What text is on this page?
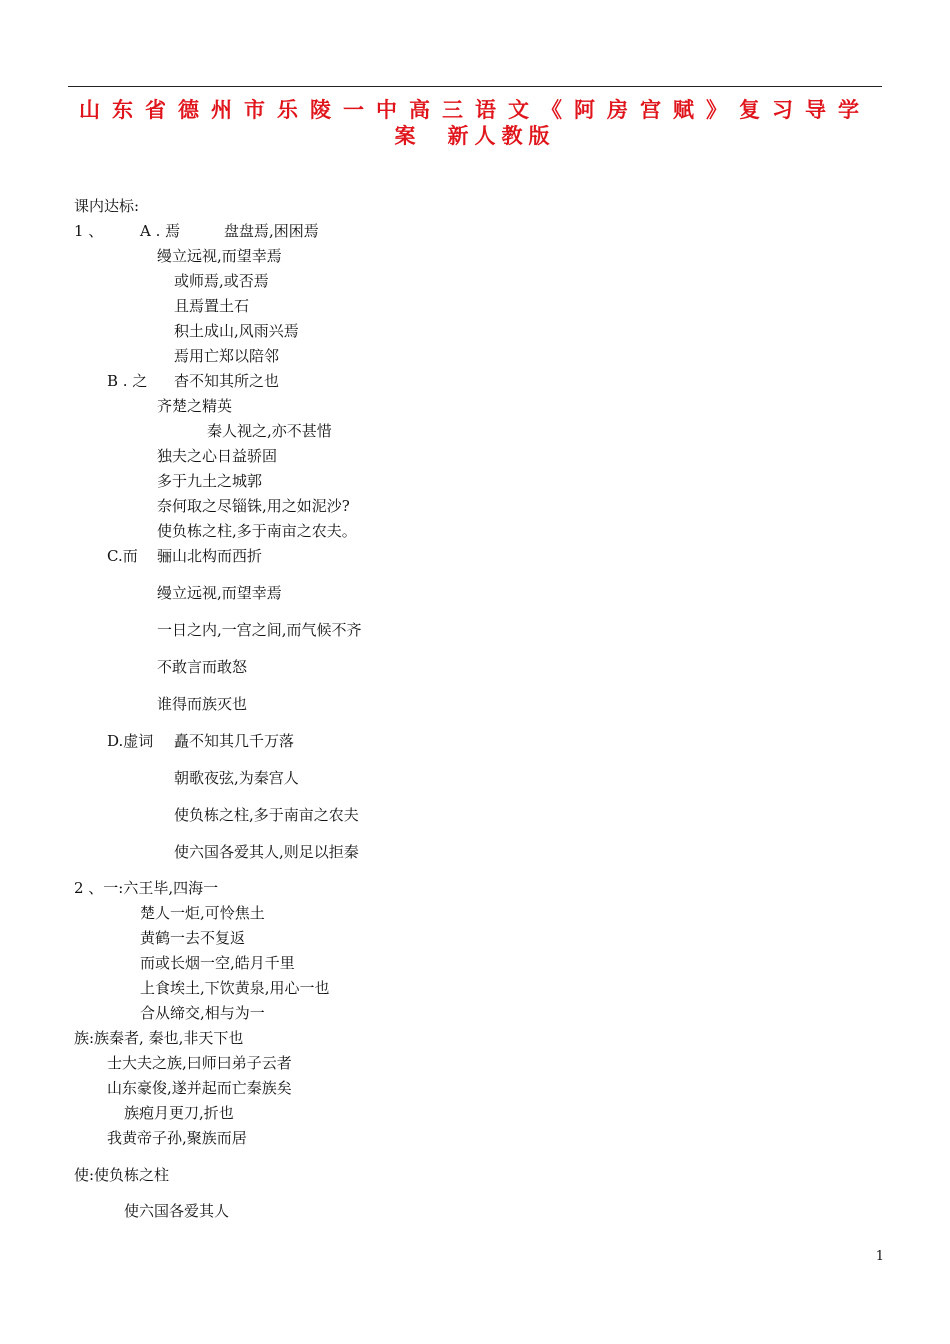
山东省德州市乐陵一中高三语文《阿房宫赋》复习导学
案 新人教版
课内达标:
1 、 A . 焉	盘盘焉,困困焉
缦立远视,而望幸焉
或师焉,或否焉
且焉置土石
积土成山,风雨兴焉
焉用亡郑以陪邻
B . 之 杳不知其所之也
齐楚之精英
秦人视之,亦不甚惜
独夫之心日益骄固
多于九土之城郭
奈何取之尽锱铢,用之如泥沙?
使负栋之柱,多于南亩之农夫。
C.而 骊山北构而西折
缦立远视,而望幸焉
一日之内,一宫之间,而气候不齐
不敢言而敢怒
谁得而族灭也
D.虚词 矗不知其几千万落
朝歌夜弦,为秦宫人
使负栋之柱,多于南亩之农夫
使六国各爱其人,则足以拒秦
2 、一:六王毕,四海一
楚人一炬,可怜焦土
黄鹤一去不复返
而或长烟一空,皓月千里
上食埃土,下饮黄泉,用心一也
合从缔交,相与为一
族:族秦者, 秦也,非天下也
士大夫之族,曰师曰弟子云者
山东豪俊,遂并起而亡秦族矣
族疱月更刀,折也
我黄帝子孙,聚族而居
使:使负栋之柱
使六国各爱其人
1
